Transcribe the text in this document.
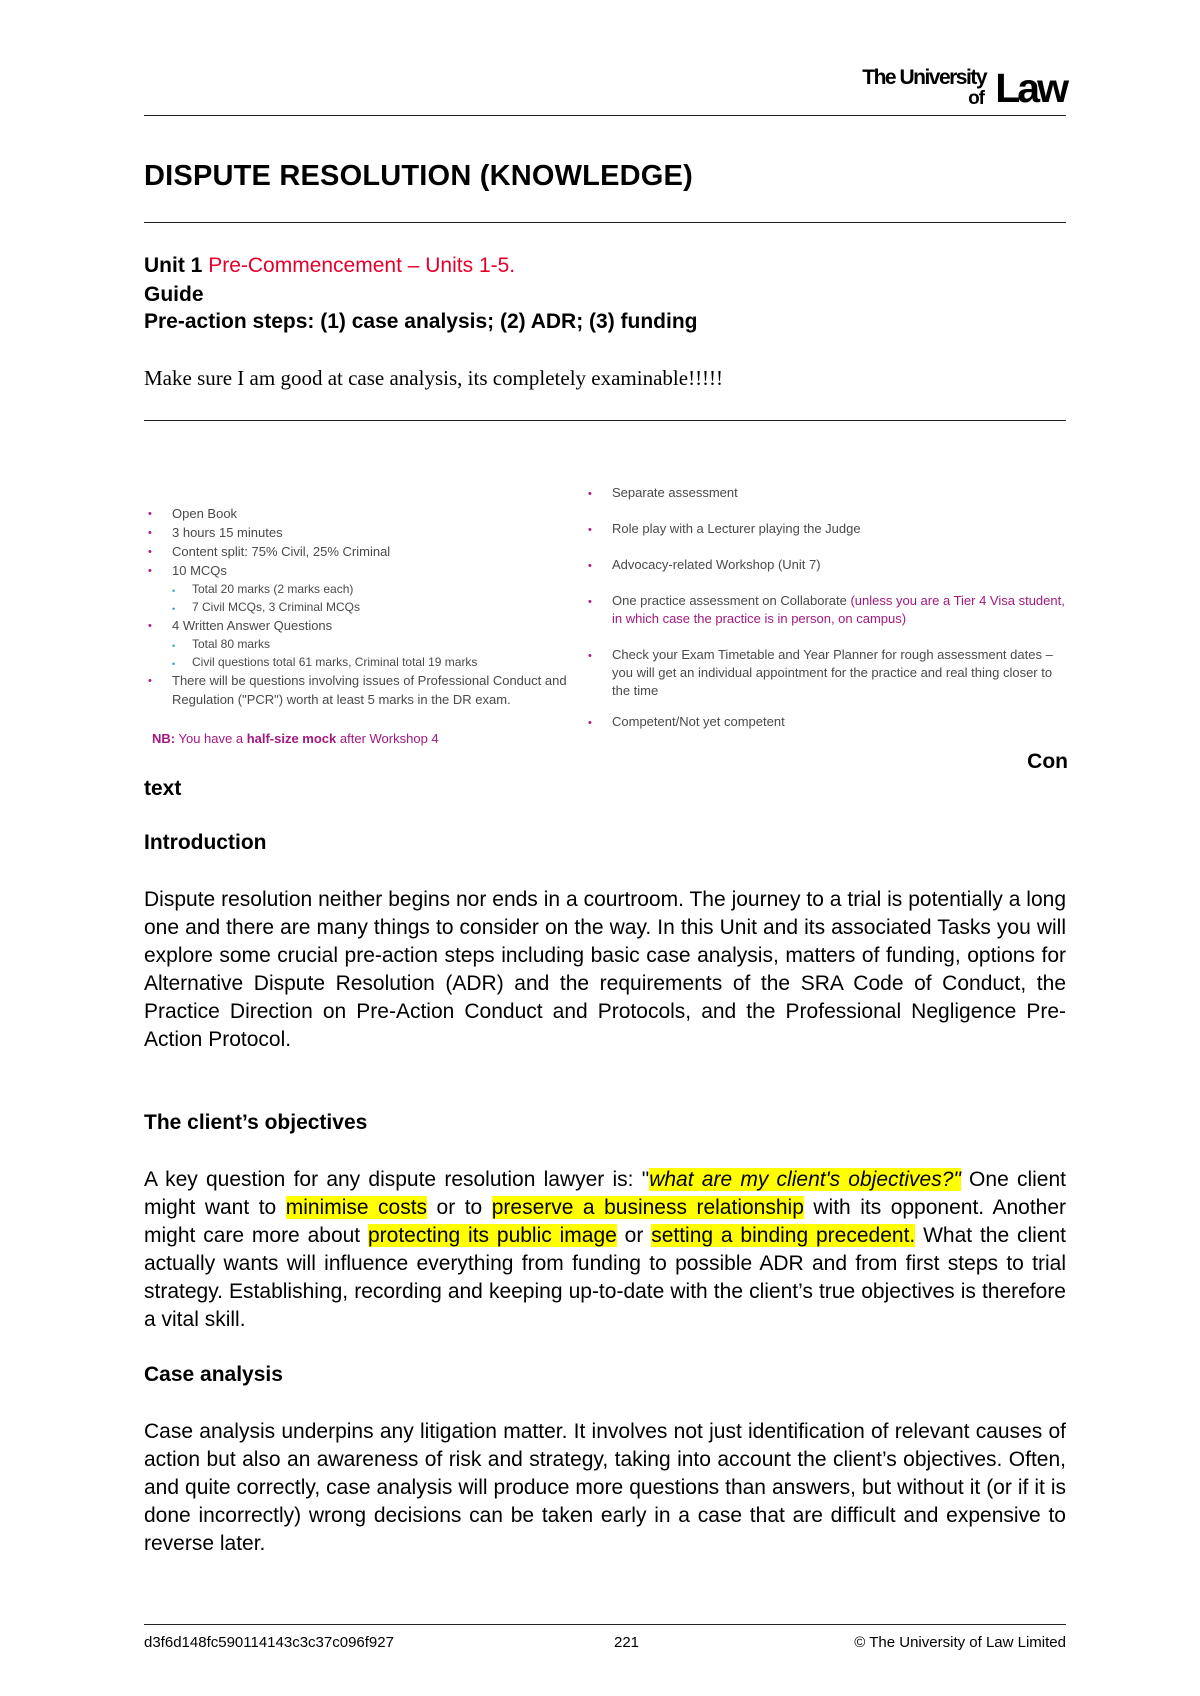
The University
of Law
DISPUTE RESOLUTION (KNOWLEDGE)
Unit 1 Pre-Commencement – Units 1-5.
Guide
Pre-action steps: (1) case analysis; (2) ADR; (3) funding
Make sure I am good at case analysis, its completely examinable!!!!!
• Open Book
• 3 hours 15 minutes
• Content split: 75% Civil, 25% Criminal
• 10 MCQs
• Total 20 marks (2 marks each)
• 7 Civil MCQs, 3 Criminal MCQs
• 4 Written Answer Questions
• Total 80 marks
• Civil questions total 61 marks, Criminal total 19 marks
• There will be questions involving issues of Professional Conduct and Regulation ("PCR") worth at least 5 marks in the DR exam.
NB: You have a half-size mock after Workshop 4
• Separate assessment
• Role play with a Lecturer playing the Judge
• Advocacy-related Workshop (Unit 7)
• One practice assessment on Collaborate (unless you are a Tier 4 Visa student, in which case the practice is in person, on campus)
• Check your Exam Timetable and Year Planner for rough assessment dates – you will get an individual appointment for the practice and real thing closer to the time
• Competent/Not yet competent
Con
text
Introduction
Dispute resolution neither begins nor ends in a courtroom. The journey to a trial is potentially a long one and there are many things to consider on the way. In this Unit and its associated Tasks you will explore some crucial pre-action steps including basic case analysis, matters of funding, options for Alternative Dispute Resolution (ADR) and the requirements of the SRA Code of Conduct, the Practice Direction on Pre-Action Conduct and Protocols, and the Professional Negligence Pre-Action Protocol.
The client’s objectives
A key question for any dispute resolution lawyer is: "what are my client's objectives?" One client might want to minimise costs or to preserve a business relationship with its opponent. Another might care more about protecting its public image or setting a binding precedent. What the client actually wants will influence everything from funding to possible ADR and from first steps to trial strategy. Establishing, recording and keeping up-to-date with the client’s true objectives is therefore a vital skill.
Case analysis
Case analysis underpins any litigation matter. It involves not just identification of relevant causes of action but also an awareness of risk and strategy, taking into account the client’s objectives. Often, and quite correctly, case analysis will produce more questions than answers, but without it (or if it is done incorrectly) wrong decisions can be taken early in a case that are difficult and expensive to reverse later.
d3f6d148fc590114143c3c37c096f927	221	© The University of Law Limited
